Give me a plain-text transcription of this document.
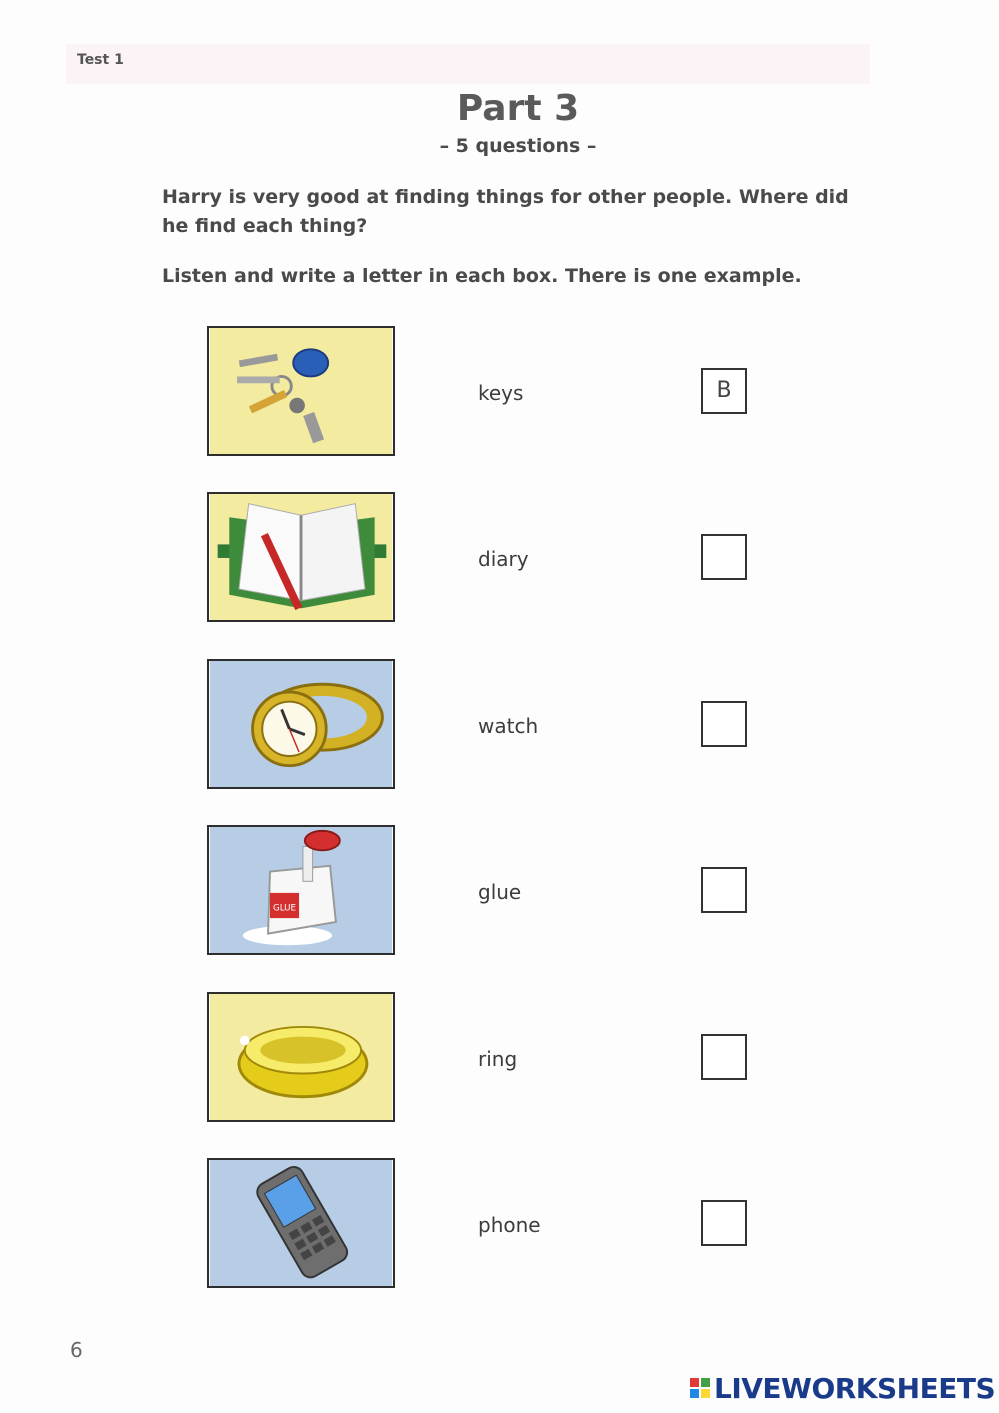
Test 1
Part 3
– 5 questions –
Harry is very good at finding things for other people. Where did he find each thing?
Listen and write a letter in each box. There is one example.
keys	B
diary
watch
GLUE
glue
ring
phone
6
LIVEWORKSHEETS
